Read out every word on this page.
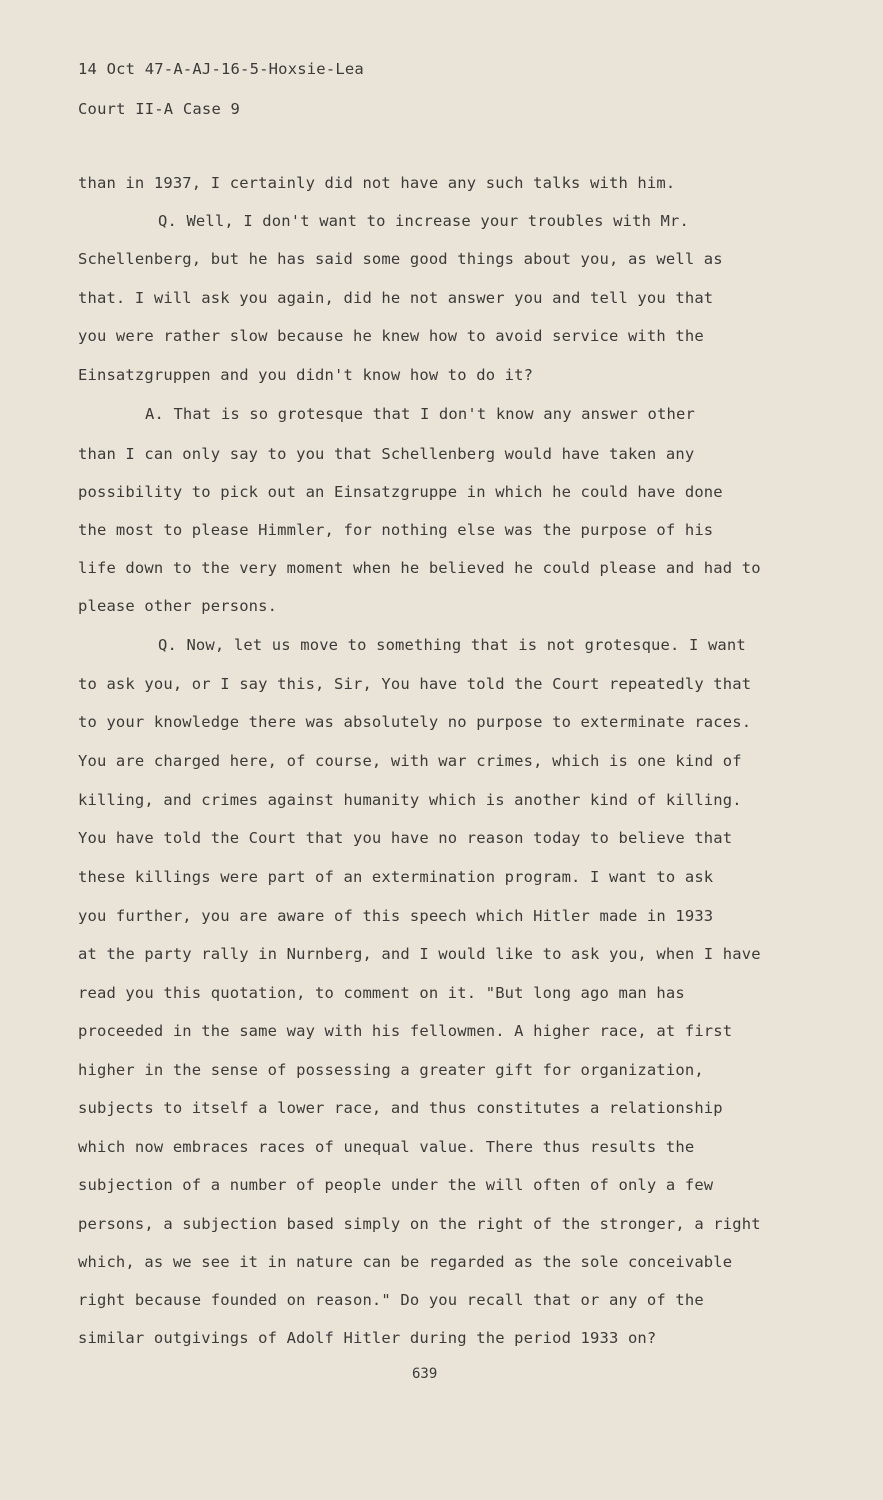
14 Oct 47-A-AJ-16-5-Hoxsie-Lea
Court II-A Case 9
than in 1937, I certainly did not have any such talks with him.
Q. Well, I don't want to increase your troubles with Mr.
Schellenberg, but he has said some good things about you, as well as
that. I will ask you again, did he not answer you and tell you that
you were rather slow because he knew how to avoid service with the
Einsatzgruppen and you didn't know how to do it?
A. That is so grotesque that I don't know any answer other
than I can only say to you that Schellenberg would have taken any
possibility to pick out an Einsatzgruppe in which he could have done
the most to please Himmler, for nothing else was the purpose of his
life down to the very moment when he believed he could please and had to
please other persons.
Q. Now, let us move to something that is not grotesque. I want
to ask you, or I say this, Sir, You have told the Court repeatedly that
to your knowledge there was absolutely no purpose to exterminate races.
You are charged here, of course, with war crimes, which is one kind of
killing, and crimes against humanity which is another kind of killing.
You have told the Court that you have no reason today to believe that
these killings were part of an extermination program. I want to ask
you further, you are aware of this speech which Hitler made in 1933
at the party rally in Nurnberg, and I would like to ask you, when I have
read you this quotation, to comment on it. "But long ago man has
proceeded in the same way with his fellowmen. A higher race, at first
higher in the sense of possessing a greater gift for organization,
subjects to itself a lower race, and thus constitutes a relationship
which now embraces races of unequal value. There thus results the
subjection of a number of people under the will often of only a few
persons, a subjection based simply on the right of the stronger, a right
which, as we see it in nature can be regarded as the sole conceivable
right because founded on reason." Do you recall that or any of the
similar outgivings of Adolf Hitler during the period 1933 on?
639
